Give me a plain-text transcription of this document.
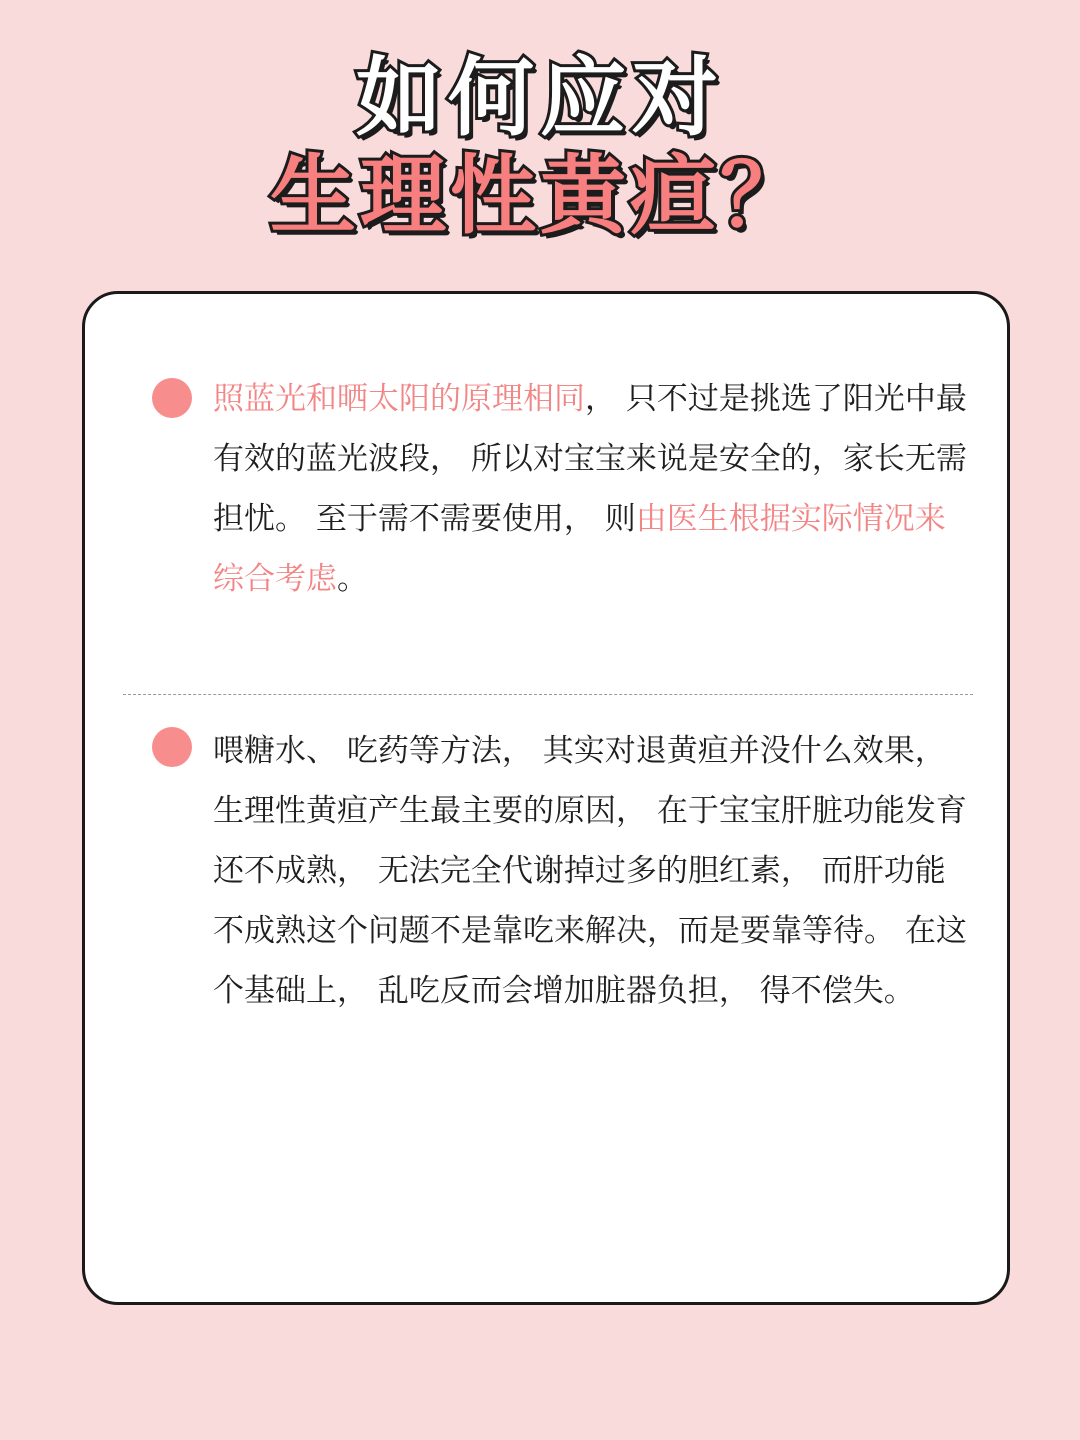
如何应对
生理性黄疸？

照蓝光和晒太阳的原理相同， 只不过是挑选了阳光中最有效的蓝光波段， 所以对宝宝来说是安全的，家长无需担忧。 至于需不需要使用， 则由医生根据实际情况来综合考虑。

喂糖水、 吃药等方法， 其实对退黄疸并没什么效果， 生理性黄疸产生最主要的原因， 在于宝宝肝脏功能发育还不成熟， 无法完全代谢掉过多的胆红素， 而肝功能不成熟这个问题不是靠吃来解决，而是要靠等待。 在这个基础上， 乱吃反而会增加脏器负担， 得不偿失。
